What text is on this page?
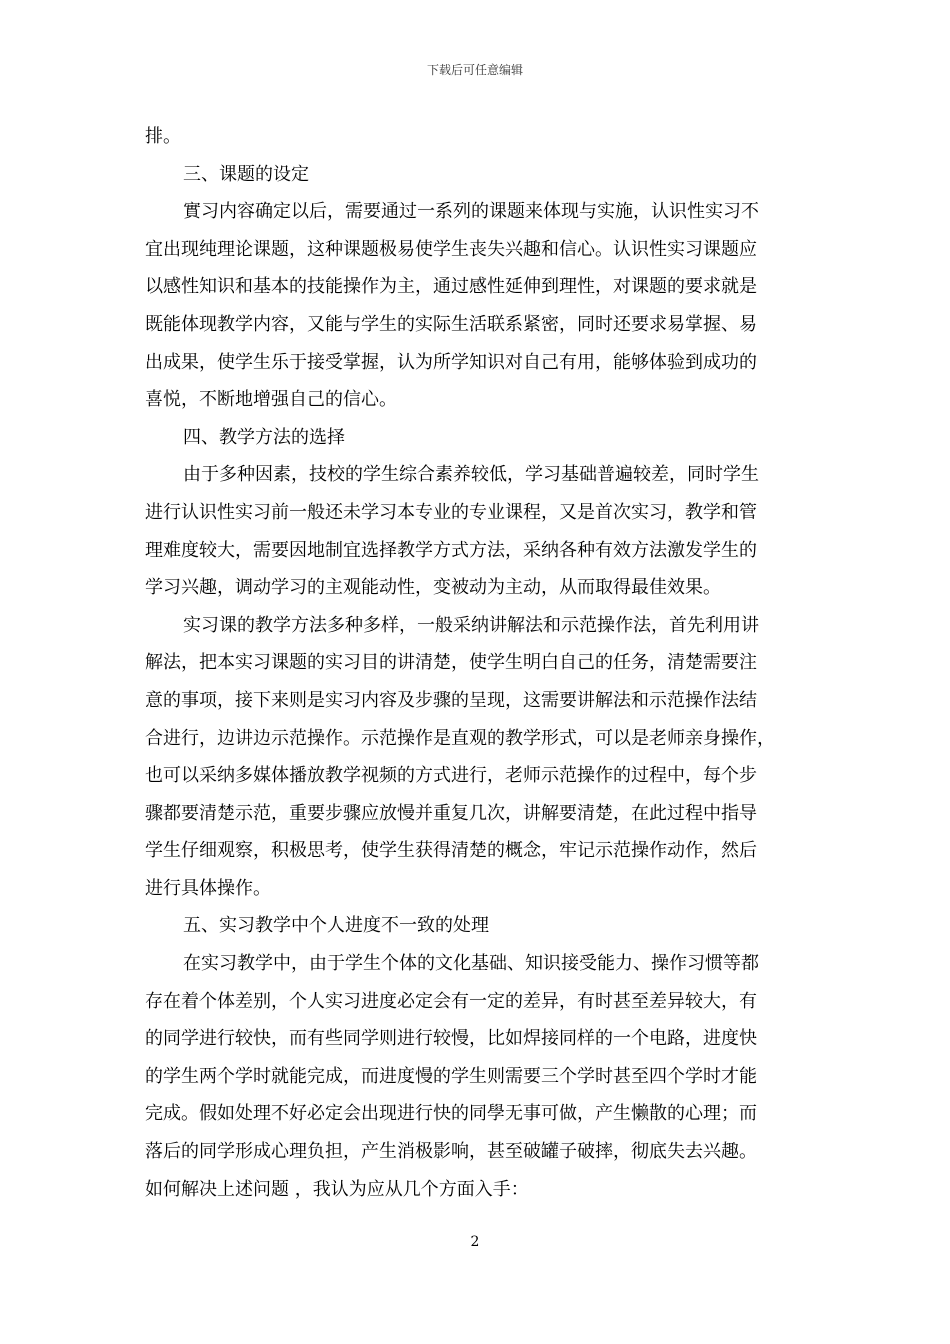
下载后可任意编辑
排。
三、课题的设定
實习内容确定以后，需要通过一系列的课题来体现与实施，认识性实习不
宜出现纯理论课题，这种课题极易使学生丧失兴趣和信心。认识性实习课题应
以感性知识和基本的技能操作为主，通过感性延伸到理性，对课题的要求就是
既能体现教学内容，又能与学生的实际生活联系紧密，同时还要求易掌握、易
出成果，使学生乐于接受掌握，认为所学知识对自己有用，能够体验到成功的
喜悦，不断地增强自己的信心。
四、教学方法的选择
由于多种因素，技校的学生综合素养较低，学习基础普遍较差，同时学生
进行认识性实习前一般还未学习本专业的专业课程，又是首次实习，教学和管
理难度较大，需要因地制宜选择教学方式方法，采纳各种有效方法激发学生的
学习兴趣，调动学习的主观能动性，变被动为主动，从而取得最佳效果。
实习课的教学方法多种多样，一般采纳讲解法和示范操作法，首先利用讲
解法，把本实习课题的实习目的讲清楚，使学生明白自己的任务，清楚需要注
意的事项，接下来则是实习内容及步骤的呈现，这需要讲解法和示范操作法结
合进行，边讲边示范操作。示范操作是直观的教学形式，可以是老师亲身操作，
也可以采纳多媒体播放教学视频的方式进行，老师示范操作的过程中，每个步
骤都要清楚示范，重要步骤应放慢并重复几次，讲解要清楚，在此过程中指导
学生仔细观察，积极思考，使学生获得清楚的概念，牢记示范操作动作，然后
进行具体操作。
五、实习教学中个人进度不一致的处理
在实习教学中，由于学生个体的文化基础、知识接受能力、操作习惯等都
存在着个体差别，个人实习进度必定会有一定的差异，有时甚至差异较大，有
的同学进行较快，而有些同学则进行较慢，比如焊接同样的一个电路，进度快
的学生两个学时就能完成，而进度慢的学生则需要三个学时甚至四个学时才能
完成。假如处理不好必定会出现进行快的同學无事可做，产生懒散的心理；而
落后的同学形成心理负担，产生消极影响，甚至破罐子破摔，彻底失去兴趣。
如何解决上述问题 ，我认为应从几个方面入手：
2
